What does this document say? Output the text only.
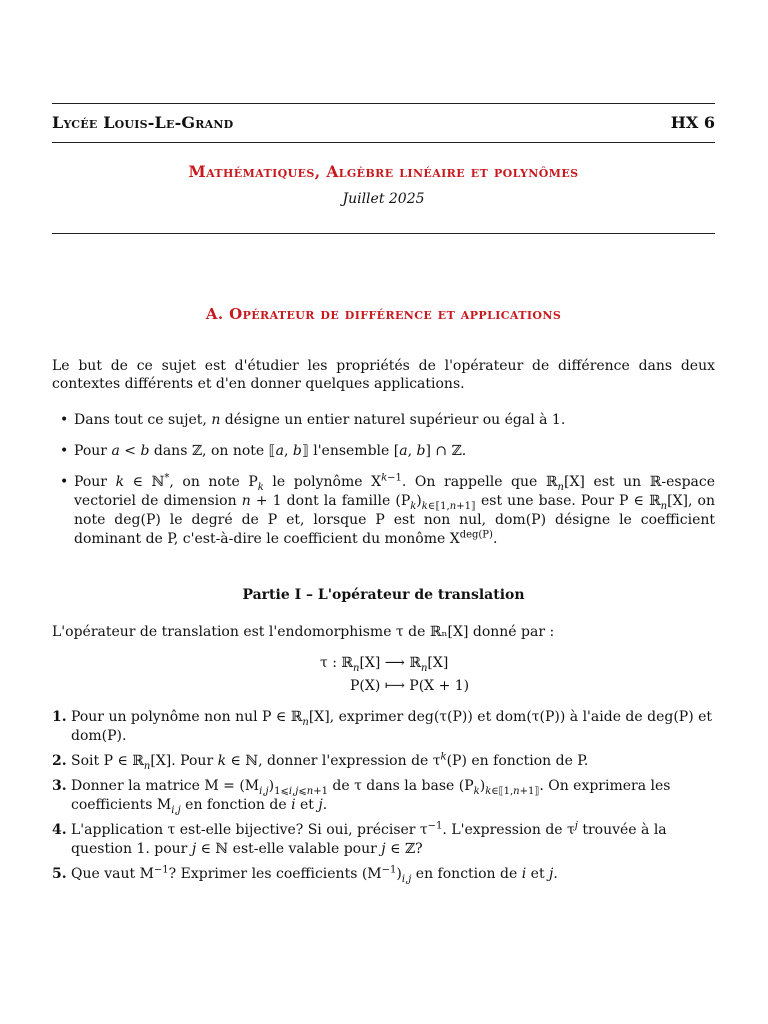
Lycée Louis-Le-Grand	HX 6
Mathématiques, Algèbre linéaire et polynômes
Juillet 2025
A. Opérateur de différence et applications
Le but de ce sujet est d'étudier les propriétés de l'opérateur de différence dans deux contextes différents et d'en donner quelques applications.
• Dans tout ce sujet, n désigne un entier naturel supérieur ou égal à 1.
• Pour a < b dans ℤ, on note ⟦a, b⟧ l'ensemble [a, b] ∩ ℤ.
• Pour k ∈ ℕ*, on note $P_k$ le polynôme $X^{k-1}$. On rappelle que ℝ$_n$[X] est un ℝ-espace vectoriel de dimension n + 1 dont la famille $(P_k)_{k\in⟦1,n+1⟧}$ est une base. Pour P ∈ ℝ$_n$[X], on note deg(P) le degré de P et, lorsque P est non nul, dom(P) désigne le coefficient dominant de P, c'est-à-dire le coefficient du monôme $X^{deg(P)}$.
Partie I – L'opérateur de translation
L'opérateur de translation est l'endomorphisme τ de ℝₙ[X] donné par :
τ : ℝ$_n$[X] ⟶ ℝ$_n$[X]
P(X) ⟼ P(X + 1)
1. Pour un polynôme non nul P ∈ ℝ$_n$[X], exprimer deg(τ(P)) et dom(τ(P)) à l'aide de deg(P) et dom(P).
2. Soit P ∈ ℝ$_n$[X]. Pour k ∈ ℕ, donner l'expression de $\tau^k(P)$ en fonction de P.
3. Donner la matrice $M = (M_{i,j})_{1⩽i,j⩽n+1}$ de τ dans la base $(P_k)_{k\in⟦1,n+1⟧}$. On exprimera les coefficients $M_{i,j}$ en fonction de i et j.
4. L'application τ est-elle bijective? Si oui, préciser $\tau^{-1}$. L'expression de $\tau^j$ trouvée à la question 1. pour j ∈ ℕ est-elle valable pour j ∈ ℤ?
5. Que vaut $M^{-1}$? Exprimer les coefficients $(M^{-1})_{i,j}$ en fonction de i et j.
